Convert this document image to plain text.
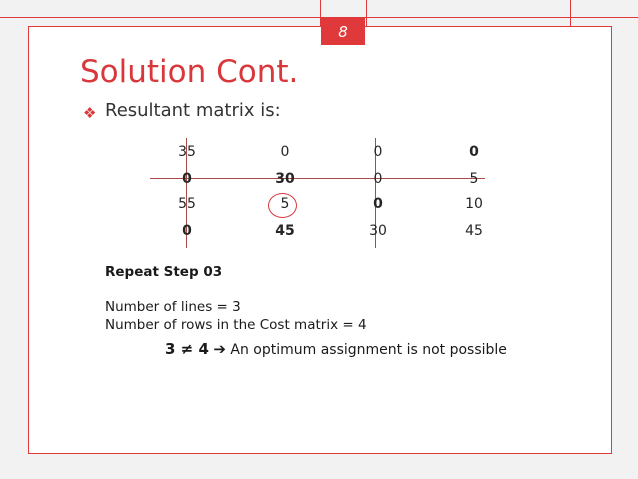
8
Solution Cont.
❖ Resultant matrix is:
35	0	0	0
0	30	0	5
55	5	0	10
0	45	30	45
Repeat Step 03
Number of lines = 3
Number of rows in the Cost matrix = 4
3 ≠ 4 ➔ An optimum assignment is not possible
